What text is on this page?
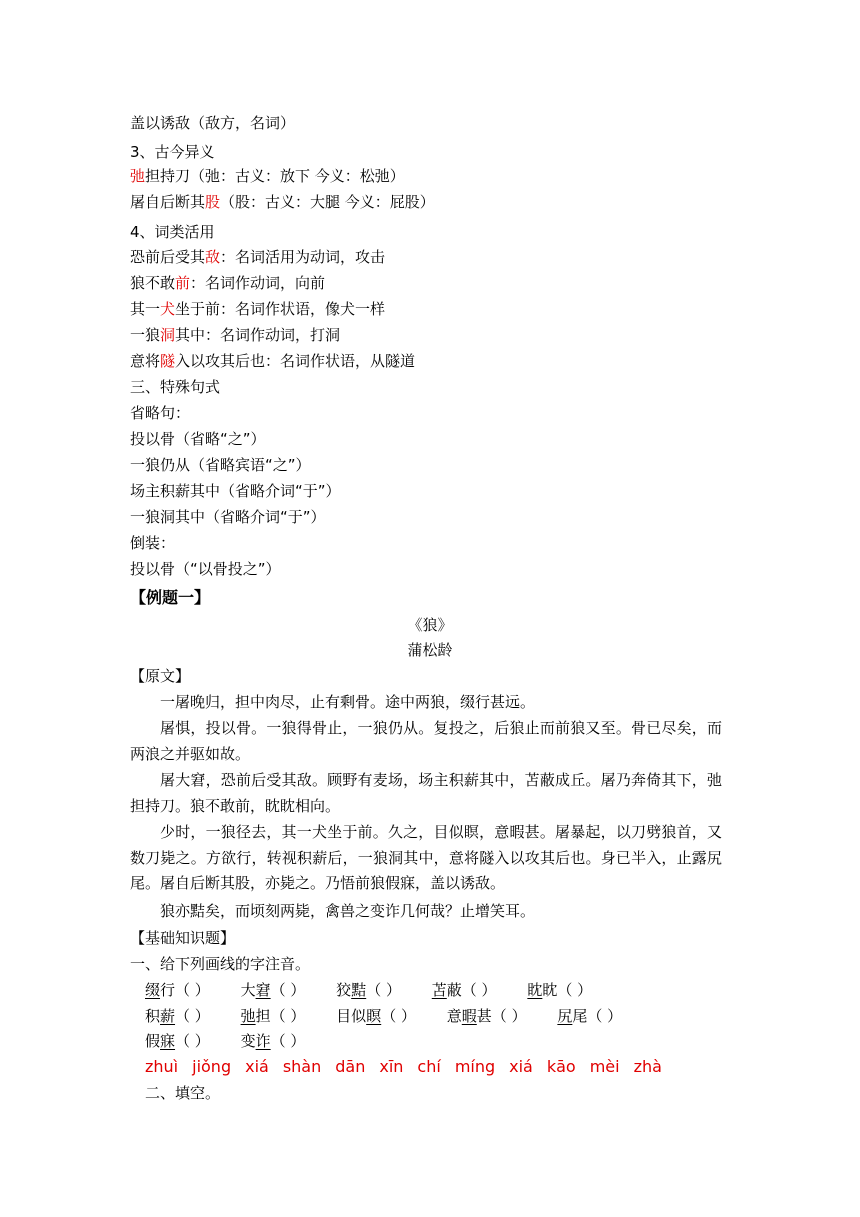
盖以诱敌（敌方，名词）
3、古今异义
弛担持刀（弛：古义：放下 今义：松弛）
屠自后断其股（股：古义：大腿 今义：屁股）
4、词类活用
恐前后受其敌：名词活用为动词，攻击
狼不敢前：名词作动词，向前
其一犬坐于前：名词作状语，像犬一样
一狼洞其中：名词作动词，打洞
意将隧入以攻其后也：名词作状语，从隧道
三、特殊句式
省略句：
投以骨（省略“之”）
一狼仍从（省略宾语“之”）
场主积薪其中（省略介词“于”）
一狼洞其中（省略介词“于”）
倒装：
投以骨（“以骨投之”）
【例题一】
《狼》
蒲松龄
【原文】

一屠晚归，担中肉尽，止有剩骨。途中两狼，缀行甚远。

屠惧，投以骨。一狼得骨止，一狼仍从。复投之，后狼止而前狼又至。骨已尽矣，而两浪之并驱如故。

屠大窘，恐前后受其敌。顾野有麦场，场主积薪其中，苫蔽成丘。屠乃奔倚其下，弛担持刀。狼不敢前，眈眈相向。

少时，一狼径去，其一犬坐于前。久之，目似瞑，意暇甚。屠暴起，以刀劈狼首，又数刀毙之。方欲行，转视积薪后，一狼洞其中，意将隧入以攻其后也。身已半入，止露尻尾。屠自后断其股，亦毙之。乃悟前狼假寐，盖以诱敌。

狼亦黠矣，而顷刻两毙，禽兽之变诈几何哉？止增笑耳。

【基础知识题】
一、给下列画线的字注音。
缀行（ ） 大窘（ ） 狡黠（ ） 苫蔽（ ） 眈眈（ ）
积薪（ ） 弛担（ ） 目似瞑（ ） 意暇甚（ ） 尻尾（ ）
假寐（ ） 变诈（ ）
zhuì jiǒng xiá shàn dān xīn chí míng xiá kāo mèi zhà
二、填空。
